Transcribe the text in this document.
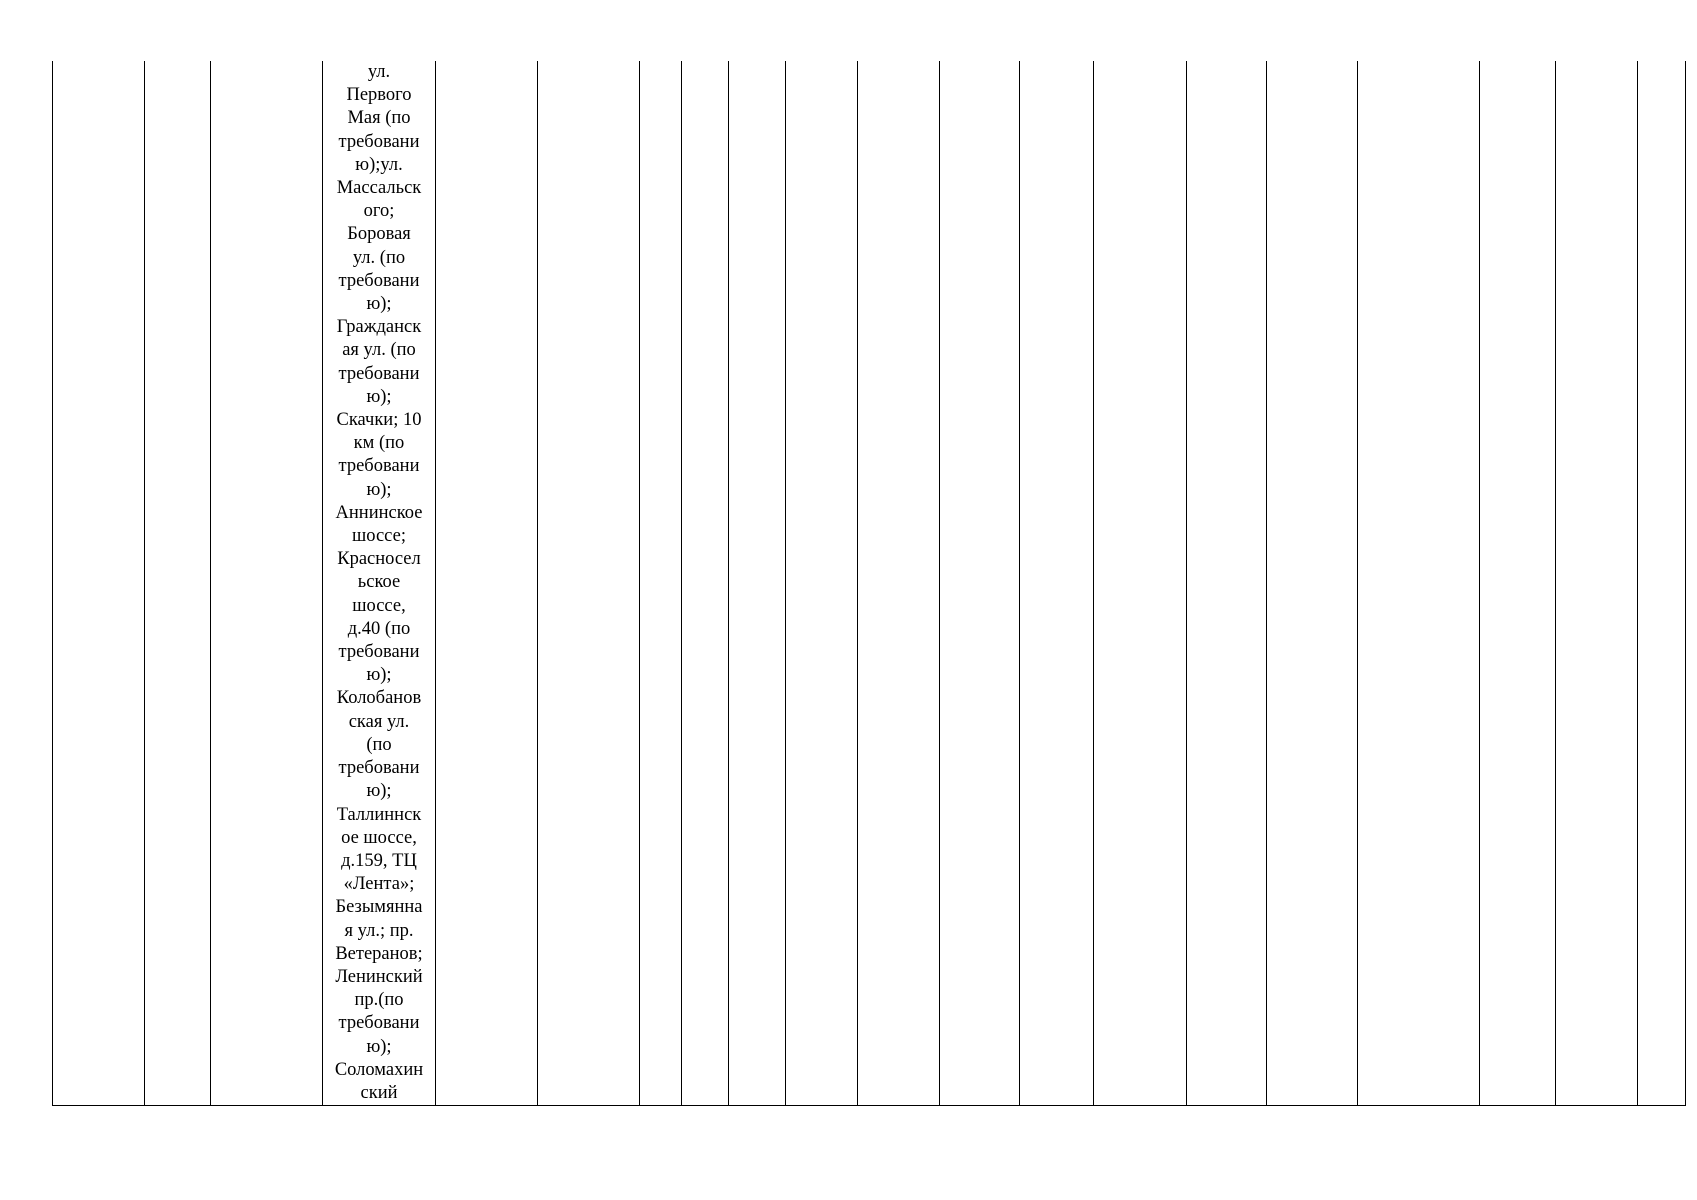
ул.
Первого
Мая (по
требовани
ю);ул.
Массальск
ого;
Боровая
ул. (по
требовани
ю);
Гражданск
ая ул. (по
требовани
ю);
Скачки; 10
км (по
требовани
ю);
Аннинское
шоссе;
Красносел
ьское
шоссе,
д.40 (по
требовани
ю);
Колобанов
ская ул.
(по
требовани
ю);
Таллиннск
ое шоссе,
д.159, ТЦ
«Лента»;
Безымянна
я ул.; пр.
Ветеранов;
Ленинский
пр.(по
требовани
ю);
Соломахин
ский
